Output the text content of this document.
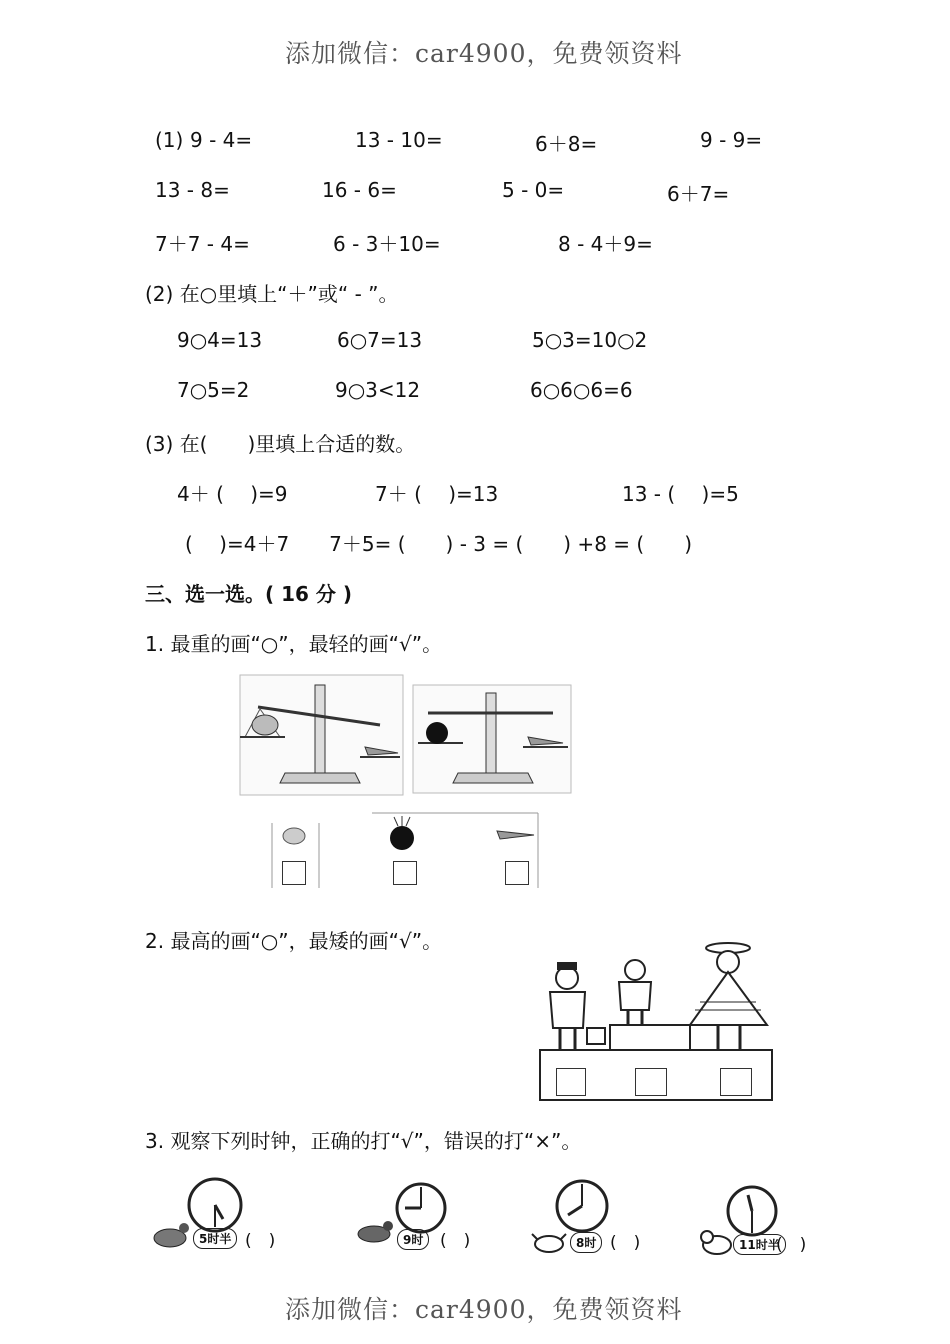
添加微信：car4900，免费领资料
(1) 9 - 4=	13 - 10=	6＋8=	9 - 9=
13 - 8=	16 - 6=	5 - 0=	6＋7=
7＋7 - 4=	6 - 3＋10=	8 - 4＋9=
(2) 在○里填上“＋”或“ - ”。
9○4=13	6○7=13	5○3=10○2
7○5=2	9○3<12	6○6○6=6
(3) 在(　　)里填上合适的数。
4＋ (　 )=9	7＋ (　 )=13	13 - (　 )=5
(　 )=4＋7　　7＋5= (　　) - 3 = (　　) +8 = (　　)
三、选一选。( 16 分 )
1. 最重的画“○”，最轻的画“√”。
2. 最高的画“○”，最矮的画“√”。
3. 观察下列时钟，正确的打“√”，错误的打“×”。
5时半 (　)	9时 (　)	8时 (　)	11时半
(　)
添加微信：car4900，免费领资料
